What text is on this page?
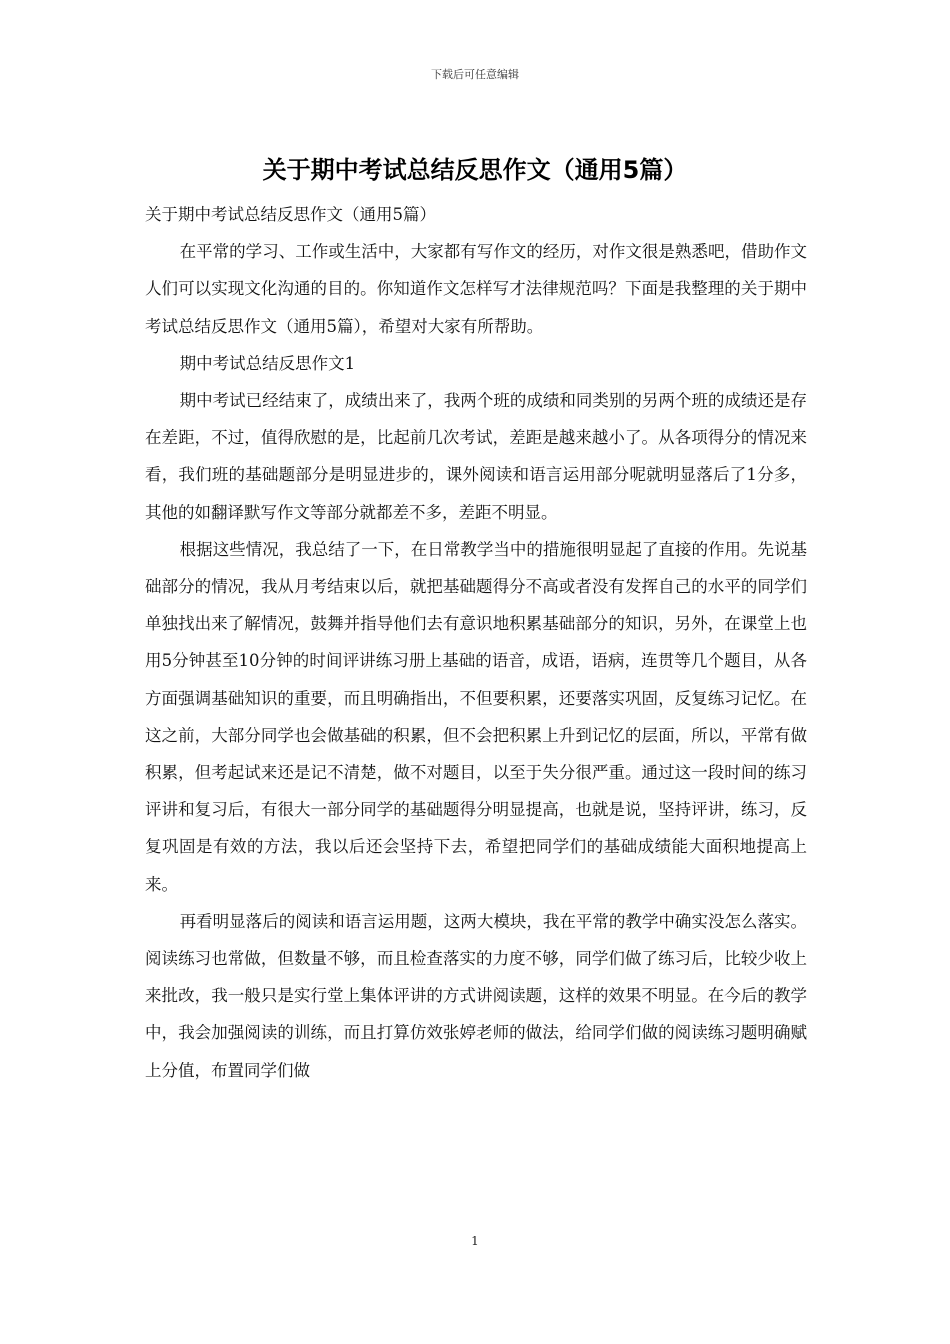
下载后可任意编辑
关于期中考试总结反思作文（通用5篇）

关于期中考试总结反思作文（通用5篇）

在平常的学习、工作或生活中，大家都有写作文的经历，对作文很是熟悉吧，借助作文人们可以实现文化沟通的目的。你知道作文怎样写才法律规范吗？下面是我整理的关于期中考试总结反思作文（通用5篇），希望对大家有所帮助。

期中考试总结反思作文1

期中考试已经结束了，成绩出来了，我两个班的成绩和同类别的另两个班的成绩还是存在差距，不过，值得欣慰的是，比起前几次考试，差距是越来越小了。从各项得分的情况来看，我们班的基础题部分是明显进步的，课外阅读和语言运用部分呢就明显落后了1分多，其他的如翻译默写作文等部分就都差不多，差距不明显。

根据这些情况，我总结了一下，在日常教学当中的措施很明显起了直接的作用。先说基础部分的情况，我从月考结束以后，就把基础题得分不高或者没有发挥自己的水平的同学们单独找出来了解情况，鼓舞并指导他们去有意识地积累基础部分的知识，另外，在课堂上也用5分钟甚至10分钟的时间评讲练习册上基础的语音，成语，语病，连贯等几个题目，从各方面强调基础知识的重要，而且明确指出，不但要积累，还要落实巩固，反复练习记忆。在这之前，大部分同学也会做基础的积累，但不会把积累上升到记忆的层面，所以，平常有做积累，但考起试来还是记不清楚，做不对题目，以至于失分很严重。通过这一段时间的练习评讲和复习后，有很大一部分同学的基础题得分明显提高，也就是说，坚持评讲，练习，反复巩固是有效的方法，我以后还会坚持下去，希望把同学们的基础成绩能大面积地提高上来。

再看明显落后的阅读和语言运用题，这两大模块，我在平常的教学中确实没怎么落实。阅读练习也常做，但数量不够，而且检查落实的力度不够，同学们做了练习后，比较少收上来批改，我一般只是实行堂上集体评讲的方式讲阅读题，这样的效果不明显。在今后的教学中，我会加强阅读的训练，而且打算仿效张婷老师的做法，给同学们做的阅读练习题明确赋上分值，布置同学们做

1
